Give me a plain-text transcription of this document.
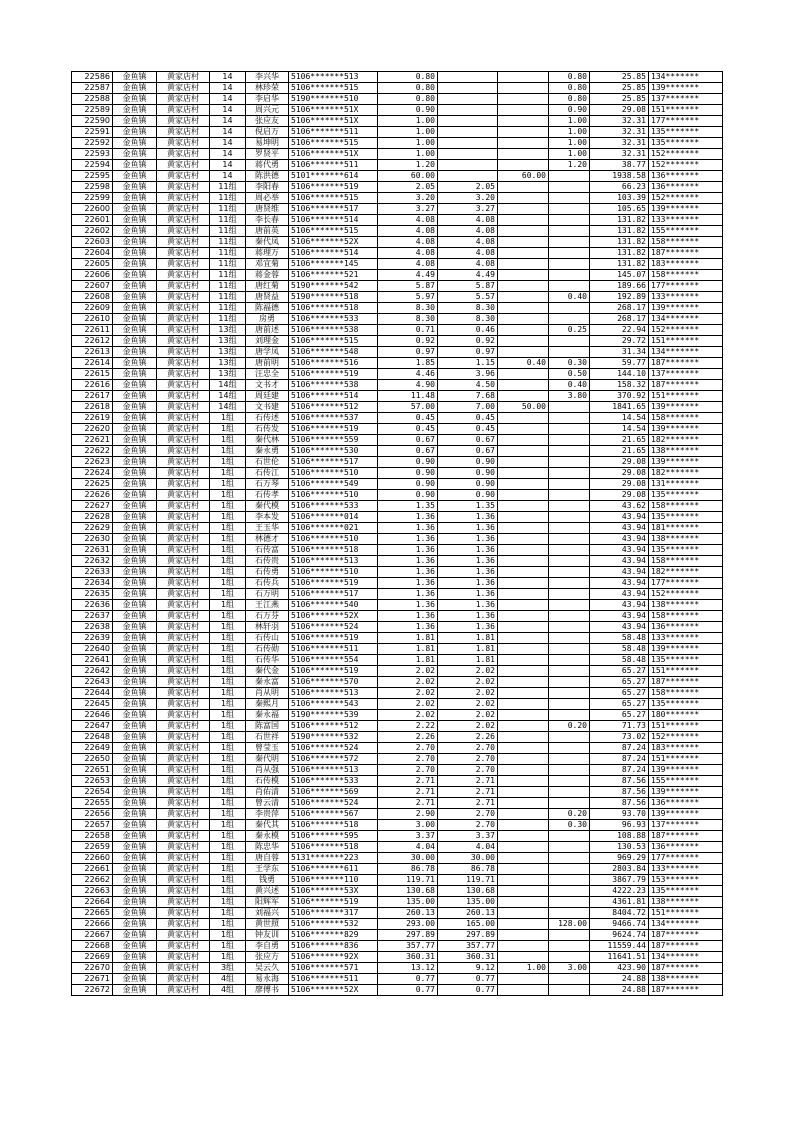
22586	金鱼镇	黄家店村	14	李兴华	5106*******513	0.80			0.80	25.85	134*******
22587	金鱼镇	黄家店村	14	林珍荣	5106*******515	0.80			0.80	25.85	139*******
22588	金鱼镇	黄家店村	14	李启华	5190*******510	0.80			0.80	25.85	137*******
22589	金鱼镇	黄家店村	14	周兴元	5106*******51X	0.90			0.90	29.08	151*******
22590	金鱼镇	黄家店村	14	张应友	5106*******51X	1.00			1.00	32.31	177*******
22591	金鱼镇	黄家店村	14	倪启万	5106*******511	1.00			1.00	32.31	135*******
22592	金鱼镇	黄家店村	14	易坤明	5106*******515	1.00			1.00	32.31	135*******
22593	金鱼镇	黄家店村	14	罗贤平	5106*******51X	1.00			1.00	32.31	152*******
22594	金鱼镇	黄家店村	14	蒋代勇	5106*******511	1.20			1.20	38.77	152*******
22595	金鱼镇	黄家店村	14	陈洪德	5101*******614	60.00		60.00		1938.58	136*******
22598	金鱼镇	黄家店村	11组	李阳春	5106*******519	2.05	2.05			66.23	136*******
22599	金鱼镇	黄家店村	11组	周必举	5106*******515	3.20	3.20			103.39	152*******
22600	金鱼镇	黄家店村	11组	唐贤维	5106*******517	3.27	3.27			105.65	139*******
22601	金鱼镇	黄家店村	11组	李长春	5106*******514	4.08	4.08			131.82	133*******
22602	金鱼镇	黄家店村	11组	唐前英	5106*******515	4.08	4.08			131.82	155*******
22603	金鱼镇	黄家店村	11组	秦代凤	5106*******52X	4.08	4.08			131.82	158*******
22604	金鱼镇	黄家店村	11组	蒋理万	5106*******514	4.08	4.08			131.82	187*******
22605	金鱼镇	黄家店村	11组	邓宜菊	5106*******145	4.08	4.08			131.82	183*******
22606	金鱼镇	黄家店村	11组	蒋金蓉	5106*******521	4.49	4.49			145.07	158*******
22607	金鱼镇	黄家店村	11组	唐红菊	5190*******542	5.87	5.87			189.66	177*******
22608	金鱼镇	黄家店村	11组	唐贤益	5190*******518	5.97	5.57		0.40	192.89	133*******
22609	金鱼镇	黄家店村	11组	陈福德	5106*******518	8.30	8.30			268.17	139*******
22610	金鱼镇	黄家店村	11组	房勇	5106*******533	8.30	8.30			268.17	134*******
22611	金鱼镇	黄家店村	13组	唐前述	5106*******538	0.71	0.46		0.25	22.94	152*******
22612	金鱼镇	黄家店村	13组	刘理金	5106*******515	0.92	0.92			29.72	151*******
22613	金鱼镇	黄家店村	13组	唐学凤	5106*******548	0.97	0.97			31.34	134*******
22614	金鱼镇	黄家店村	13组	唐前明	5106*******516	1.85	1.15	0.40	0.30	59.77	187*******
22615	金鱼镇	黄家店村	13组	汪忠全	5106*******519	4.46	3.96		0.50	144.10	137*******
22616	金鱼镇	黄家店村	14组	文书才	5106*******538	4.90	4.50		0.40	158.32	187*******
22617	金鱼镇	黄家店村	14组	周廷建	5106*******514	11.48	7.68		3.80	370.92	151*******
22618	金鱼镇	黄家店村	14组	文书建	5106*******512	57.00	7.00	50.00		1841.65	139*******
22619	金鱼镇	黄家店村	1组	石传述	5106*******537	0.45	0.45			14.54	158*******
22620	金鱼镇	黄家店村	1组	石传发	5106*******519	0.45	0.45			14.54	139*******
22621	金鱼镇	黄家店村	1组	秦代林	5106*******559	0.67	0.67			21.65	182*******
22622	金鱼镇	黄家店村	1组	秦永勇	5106*******530	0.67	0.67			21.65	138*******
22623	金鱼镇	黄家店村	1组	石世伦	5106*******517	0.90	0.90			29.08	139*******
22624	金鱼镇	黄家店村	1组	石传江	5106*******510	0.90	0.90			29.08	182*******
22625	金鱼镇	黄家店村	1组	石万琴	5106*******549	0.90	0.90			29.08	131*******
22626	金鱼镇	黄家店村	1组	石传孝	5106*******510	0.90	0.90			29.08	135*******
22627	金鱼镇	黄家店村	1组	秦代模	5106*******533	1.35	1.35			43.62	158*******
22628	金鱼镇	黄家店村	1组	李本发	5106*******014	1.36	1.36			43.94	135*******
22629	金鱼镇	黄家店村	1组	王玉华	5106*******021	1.36	1.36			43.94	181*******
22630	金鱼镇	黄家店村	1组	林德才	5106*******510	1.36	1.36			43.94	138*******
22631	金鱼镇	黄家店村	1组	石传富	5106*******518	1.36	1.36			43.94	135*******
22632	金鱼镇	黄家店村	1组	石传贵	5106*******513	1.36	1.36			43.94	158*******
22633	金鱼镇	黄家店村	1组	石传勇	5106*******510	1.36	1.36			43.94	182*******
22634	金鱼镇	黄家店村	1组	石传兵	5106*******519	1.36	1.36			43.94	177*******
22635	金鱼镇	黄家店村	1组	石万明	5106*******517	1.36	1.36			43.94	152*******
22636	金鱼镇	黄家店村	1组	王江燕	5106*******540	1.36	1.36			43.94	138*******
22637	金鱼镇	黄家店村	1组	石万芬	5106*******52X	1.36	1.36			43.94	158*******
22638	金鱼镇	黄家店村	1组	林轩羽	5106*******524	1.36	1.36			43.94	136*******
22639	金鱼镇	黄家店村	1组	石传山	5106*******519	1.81	1.81			58.48	133*******
22640	金鱼镇	黄家店村	1组	石传勋	5106*******511	1.81	1.81			58.48	139*******
22641	金鱼镇	黄家店村	1组	石传华	5106*******554	1.81	1.81			58.48	135*******
22642	金鱼镇	黄家店村	1组	秦代金	5106*******519	2.02	2.02			65.27	151*******
22643	金鱼镇	黄家店村	1组	秦永富	5106*******570	2.02	2.02			65.27	187*******
22644	金鱼镇	黄家店村	1组	肖从明	5106*******513	2.02	2.02			65.27	158*******
22645	金鱼镇	黄家店村	1组	秦熙月	5106*******543	2.02	2.02			65.27	135*******
22646	金鱼镇	黄家店村	1组	秦永福	5190*******539	2.02	2.02			65.27	180*******
22647	金鱼镇	黄家店村	1组	陈富国	5106*******512	2.22	2.02		0.20	71.73	151*******
22648	金鱼镇	黄家店村	1组	石世祥	5190*******532	2.26	2.26			73.02	152*******
22649	金鱼镇	黄家店村	1组	曾莹玉	5106*******524	2.70	2.70			87.24	183*******
22650	金鱼镇	黄家店村	1组	秦代明	5106*******572	2.70	2.70			87.24	151*******
22651	金鱼镇	黄家店村	1组	肖从强	5106*******513	2.70	2.70			87.24	139*******
22653	金鱼镇	黄家店村	1组	石传模	5106*******533	2.71	2.71			87.56	155*******
22654	金鱼镇	黄家店村	1组	肖佑清	5106*******569	2.71	2.71			87.56	139*******
22655	金鱼镇	黄家店村	1组	曾云清	5106*******524	2.71	2.71			87.56	136*******
22656	金鱼镇	黄家店村	1组	李贵萍	5106*******567	2.90	2.70		0.20	93.70	139*******
22657	金鱼镇	黄家店村	1组	秦代其	5106*******518	3.00	2.70		0.30	96.93	137*******
22658	金鱼镇	黄家店村	1组	秦永模	5106*******595	3.37	3.37			108.88	187*******
22659	金鱼镇	黄家店村	1组	陈忠华	5106*******518	4.04	4.04			130.53	136*******
22660	金鱼镇	黄家店村	1组	唐自蓉	5131*******223	30.00	30.00			969.29	177*******
22661	金鱼镇	黄家店村	1组	王学东	5106*******611	86.78	86.78			2803.84	133*******
22662	金鱼镇	黄家店村	1组	钱勇	5106*******110	119.71	119.71			3867.79	153*******
22663	金鱼镇	黄家店村	1组	黄兴述	5106*******53X	130.68	130.68			4222.23	135*******
22664	金鱼镇	黄家店村	1组	阳辉军	5106*******519	135.00	135.00			4361.81	138*******
22665	金鱼镇	黄家店村	1组	刘福兴	5106*******317	260.13	260.13			8404.72	151*******
22666	金鱼镇	黄家店村	1组	黄世照	5106*******532	293.00	165.00		128.00	9466.74	134*******
22667	金鱼镇	黄家店村	1组	钟友训	5106*******829	297.89	297.89			9624.74	187*******
22668	金鱼镇	黄家店村	1组	李自勇	5106*******836	357.77	357.77			11559.44	187*******
22669	金鱼镇	黄家店村	1组	张应方	5106*******92X	360.31	360.31			11641.51	134*******
22670	金鱼镇	黄家店村	3组	吴云久	5106*******571	13.12	9.12	1.00	3.00	423.90	187*******
22671	金鱼镇	黄家店村	4组	易永海	5106*******511	0.77	0.77			24.88	138*******
22672	金鱼镇	黄家店村	4组	廖傅书	5106*******52X	0.77	0.77			24.88	187*******
